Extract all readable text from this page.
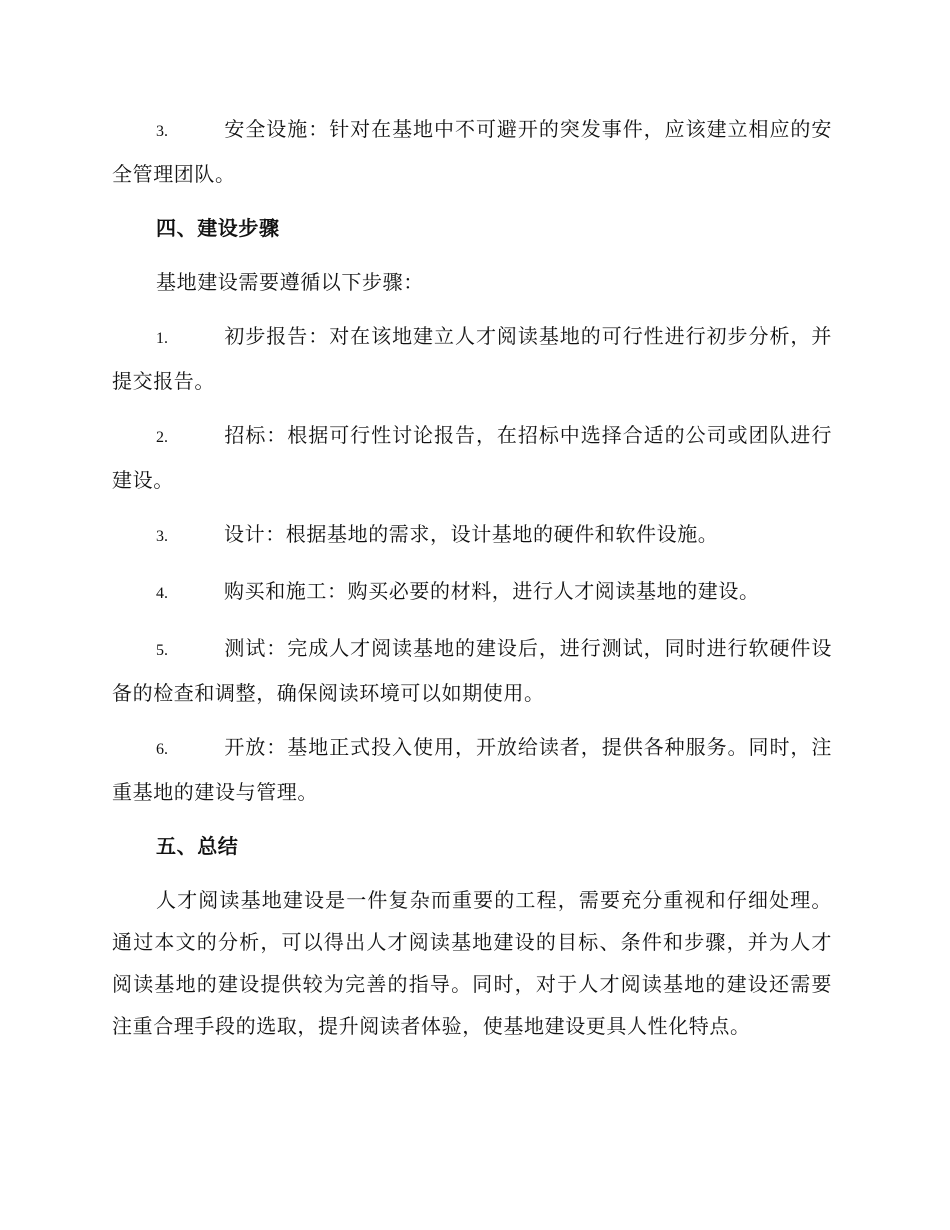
3.	安全设施：针对在基地中不可避开的突发事件，应该建立相应的安全管理团队。

四、建设步骤

基地建设需要遵循以下步骤：

1.	初步报告：对在该地建立人才阅读基地的可行性进行初步分析，并提交报告。

2.	招标：根据可行性讨论报告，在招标中选择合适的公司或团队进行建设。

3.	设计：根据基地的需求，设计基地的硬件和软件设施。

4.	购买和施工：购买必要的材料，进行人才阅读基地的建设。

5.	测试：完成人才阅读基地的建设后，进行测试，同时进行软硬件设备的检查和调整，确保阅读环境可以如期使用。

6.	开放：基地正式投入使用，开放给读者，提供各种服务。同时，注重基地的建设与管理。

五、总结

人才阅读基地建设是一件复杂而重要的工程，需要充分重视和仔细处理。通过本文的分析，可以得出人才阅读基地建设的目标、条件和步骤，并为人才阅读基地的建设提供较为完善的指导。同时，对于人才阅读基地的建设还需要注重合理手段的选取，提升阅读者体验，使基地建设更具人性化特点。
